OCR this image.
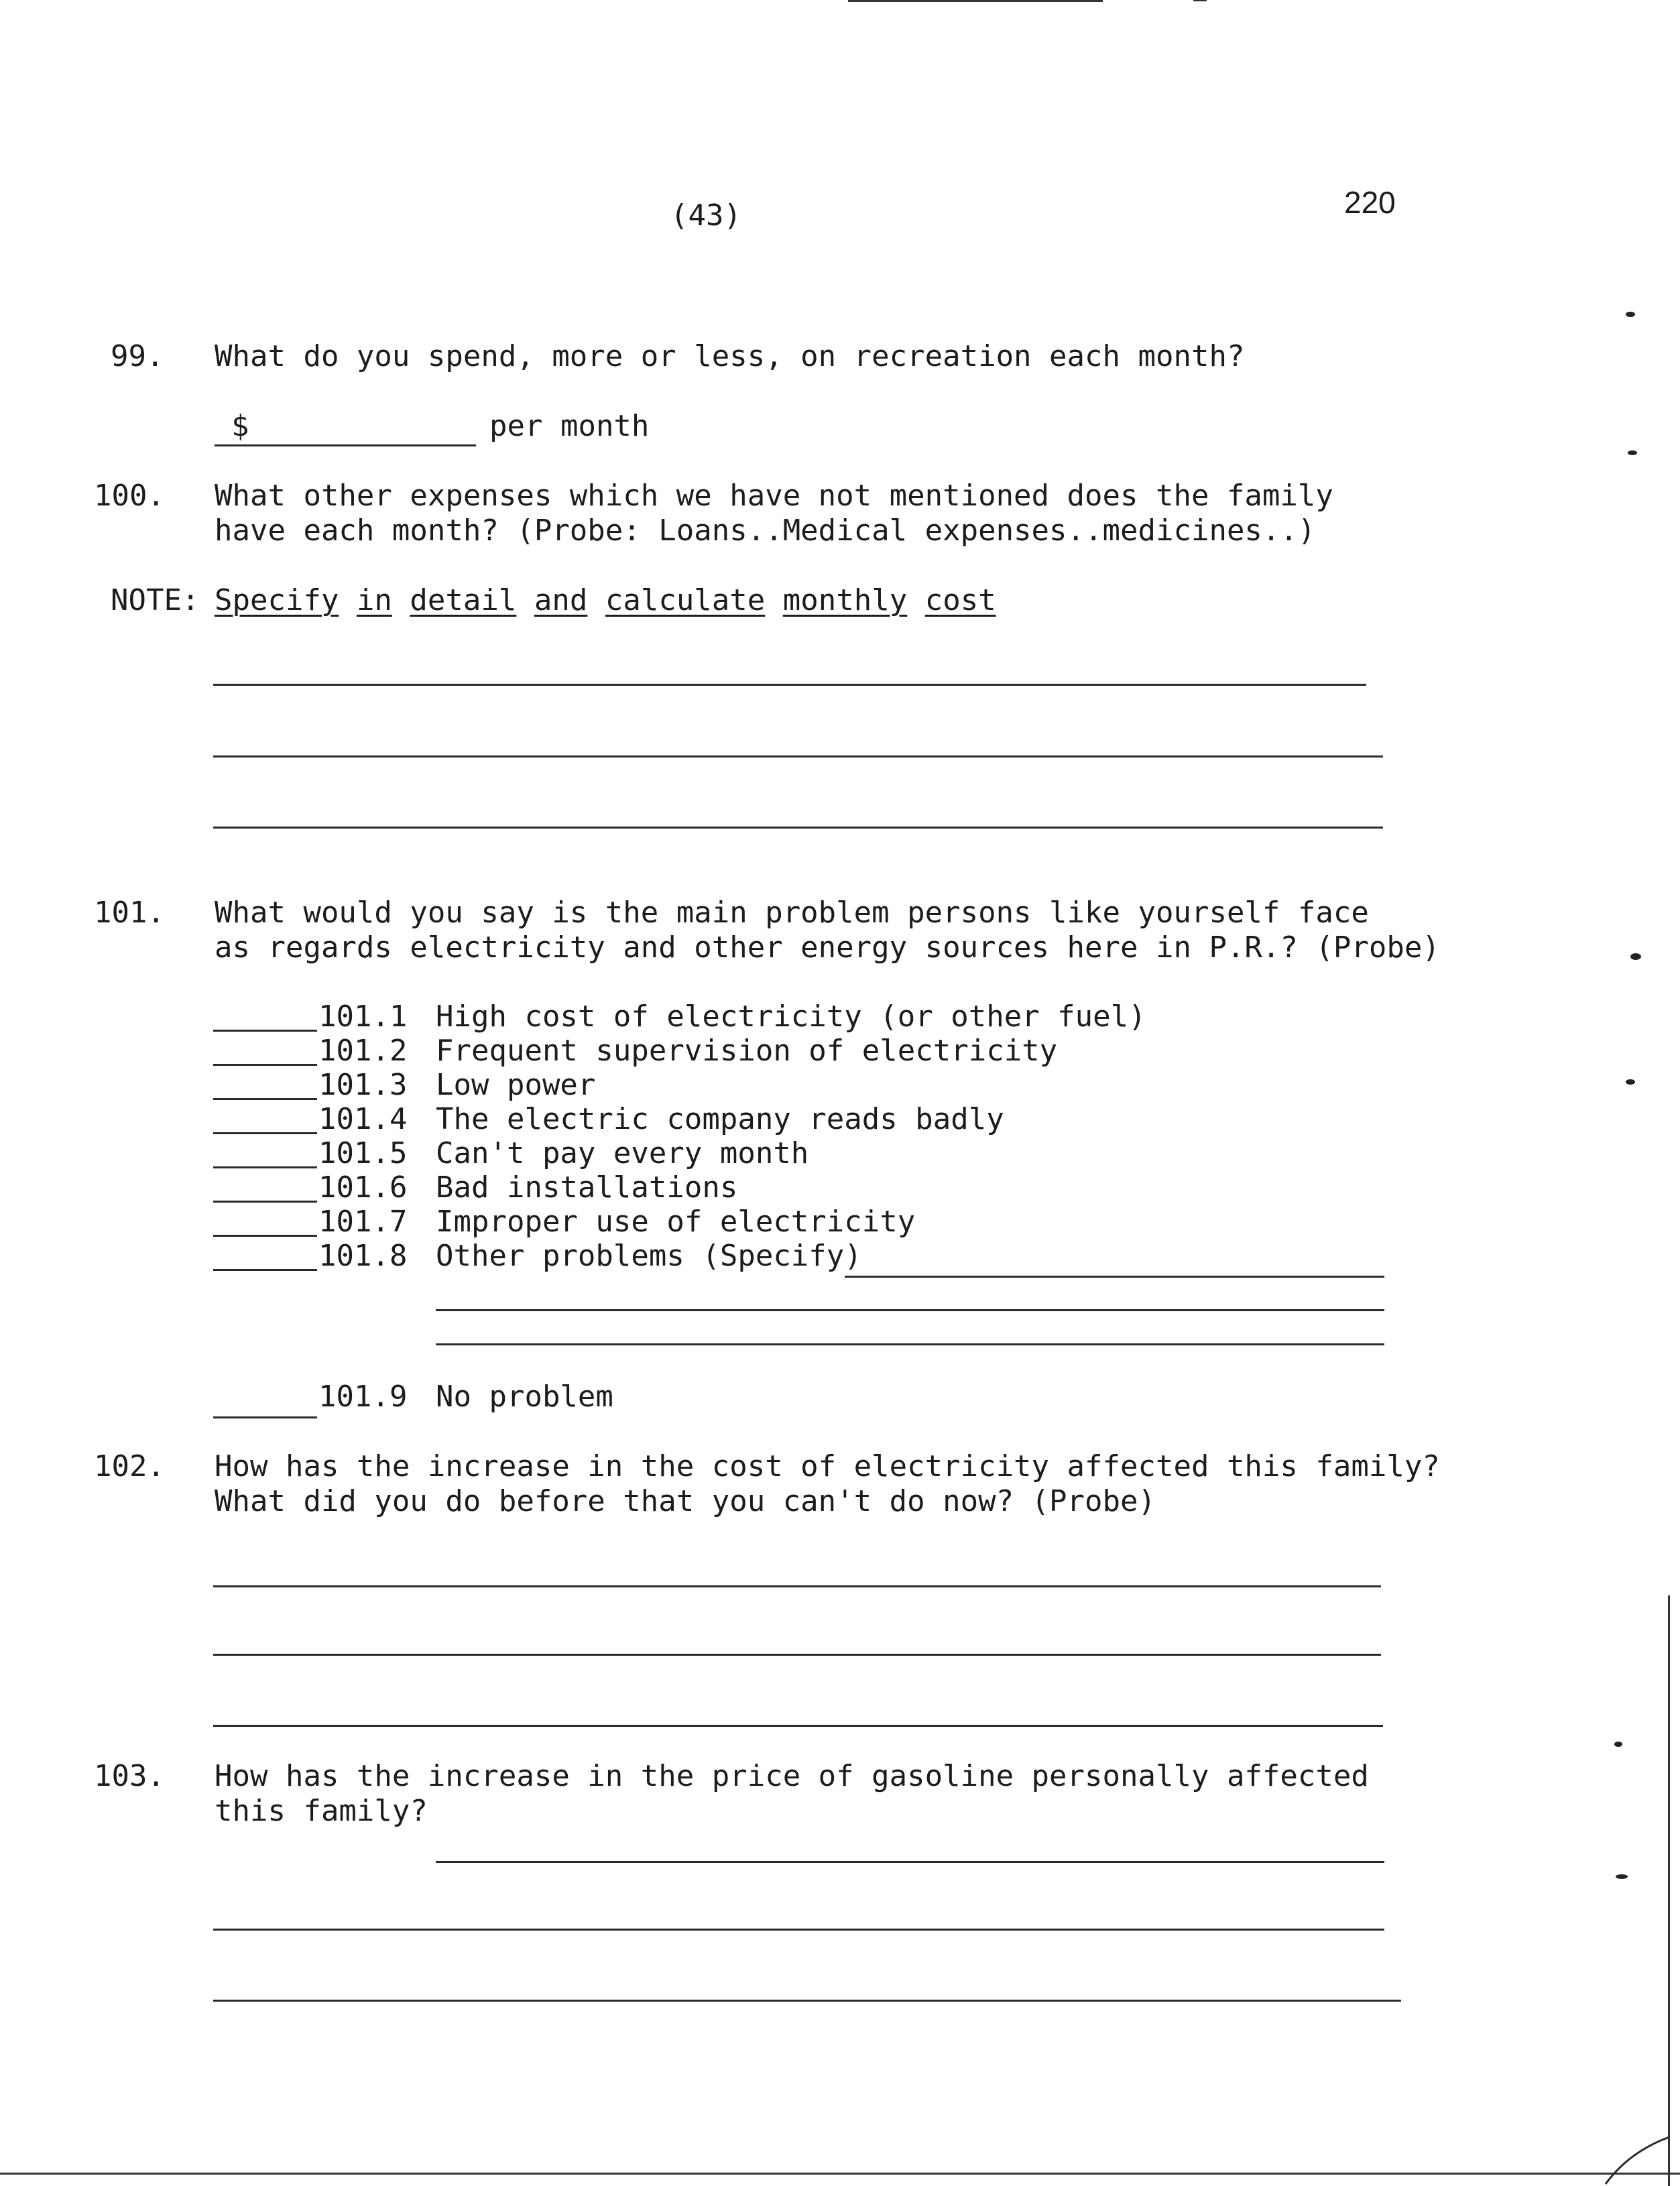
(43)	220
99. What do you spend, more or less, on recreation each month?
$	per month
100. What other expenses which we have not mentioned does the family
have each month? (Probe: Loans..Medical expenses..medicines..)
NOTE: Specify in detail and calculate monthly cost
101. What would you say is the main problem persons like yourself face
as regards electricity and other energy sources here in P.R.? (Probe)
101.1 High cost of electricity (or other fuel)
101.2 Frequent supervision of electricity
101.3 Low power
101.4 The electric company reads badly
101.5 Can't pay every month
101.6 Bad installations
101.7 Improper use of electricity
101.8 Other problems (Specify)
101.9 No problem
102. How has the increase in the cost of electricity affected this family?
What did you do before that you can't do now? (Probe)
103. How has the increase in the price of gasoline personally affected
this family?
